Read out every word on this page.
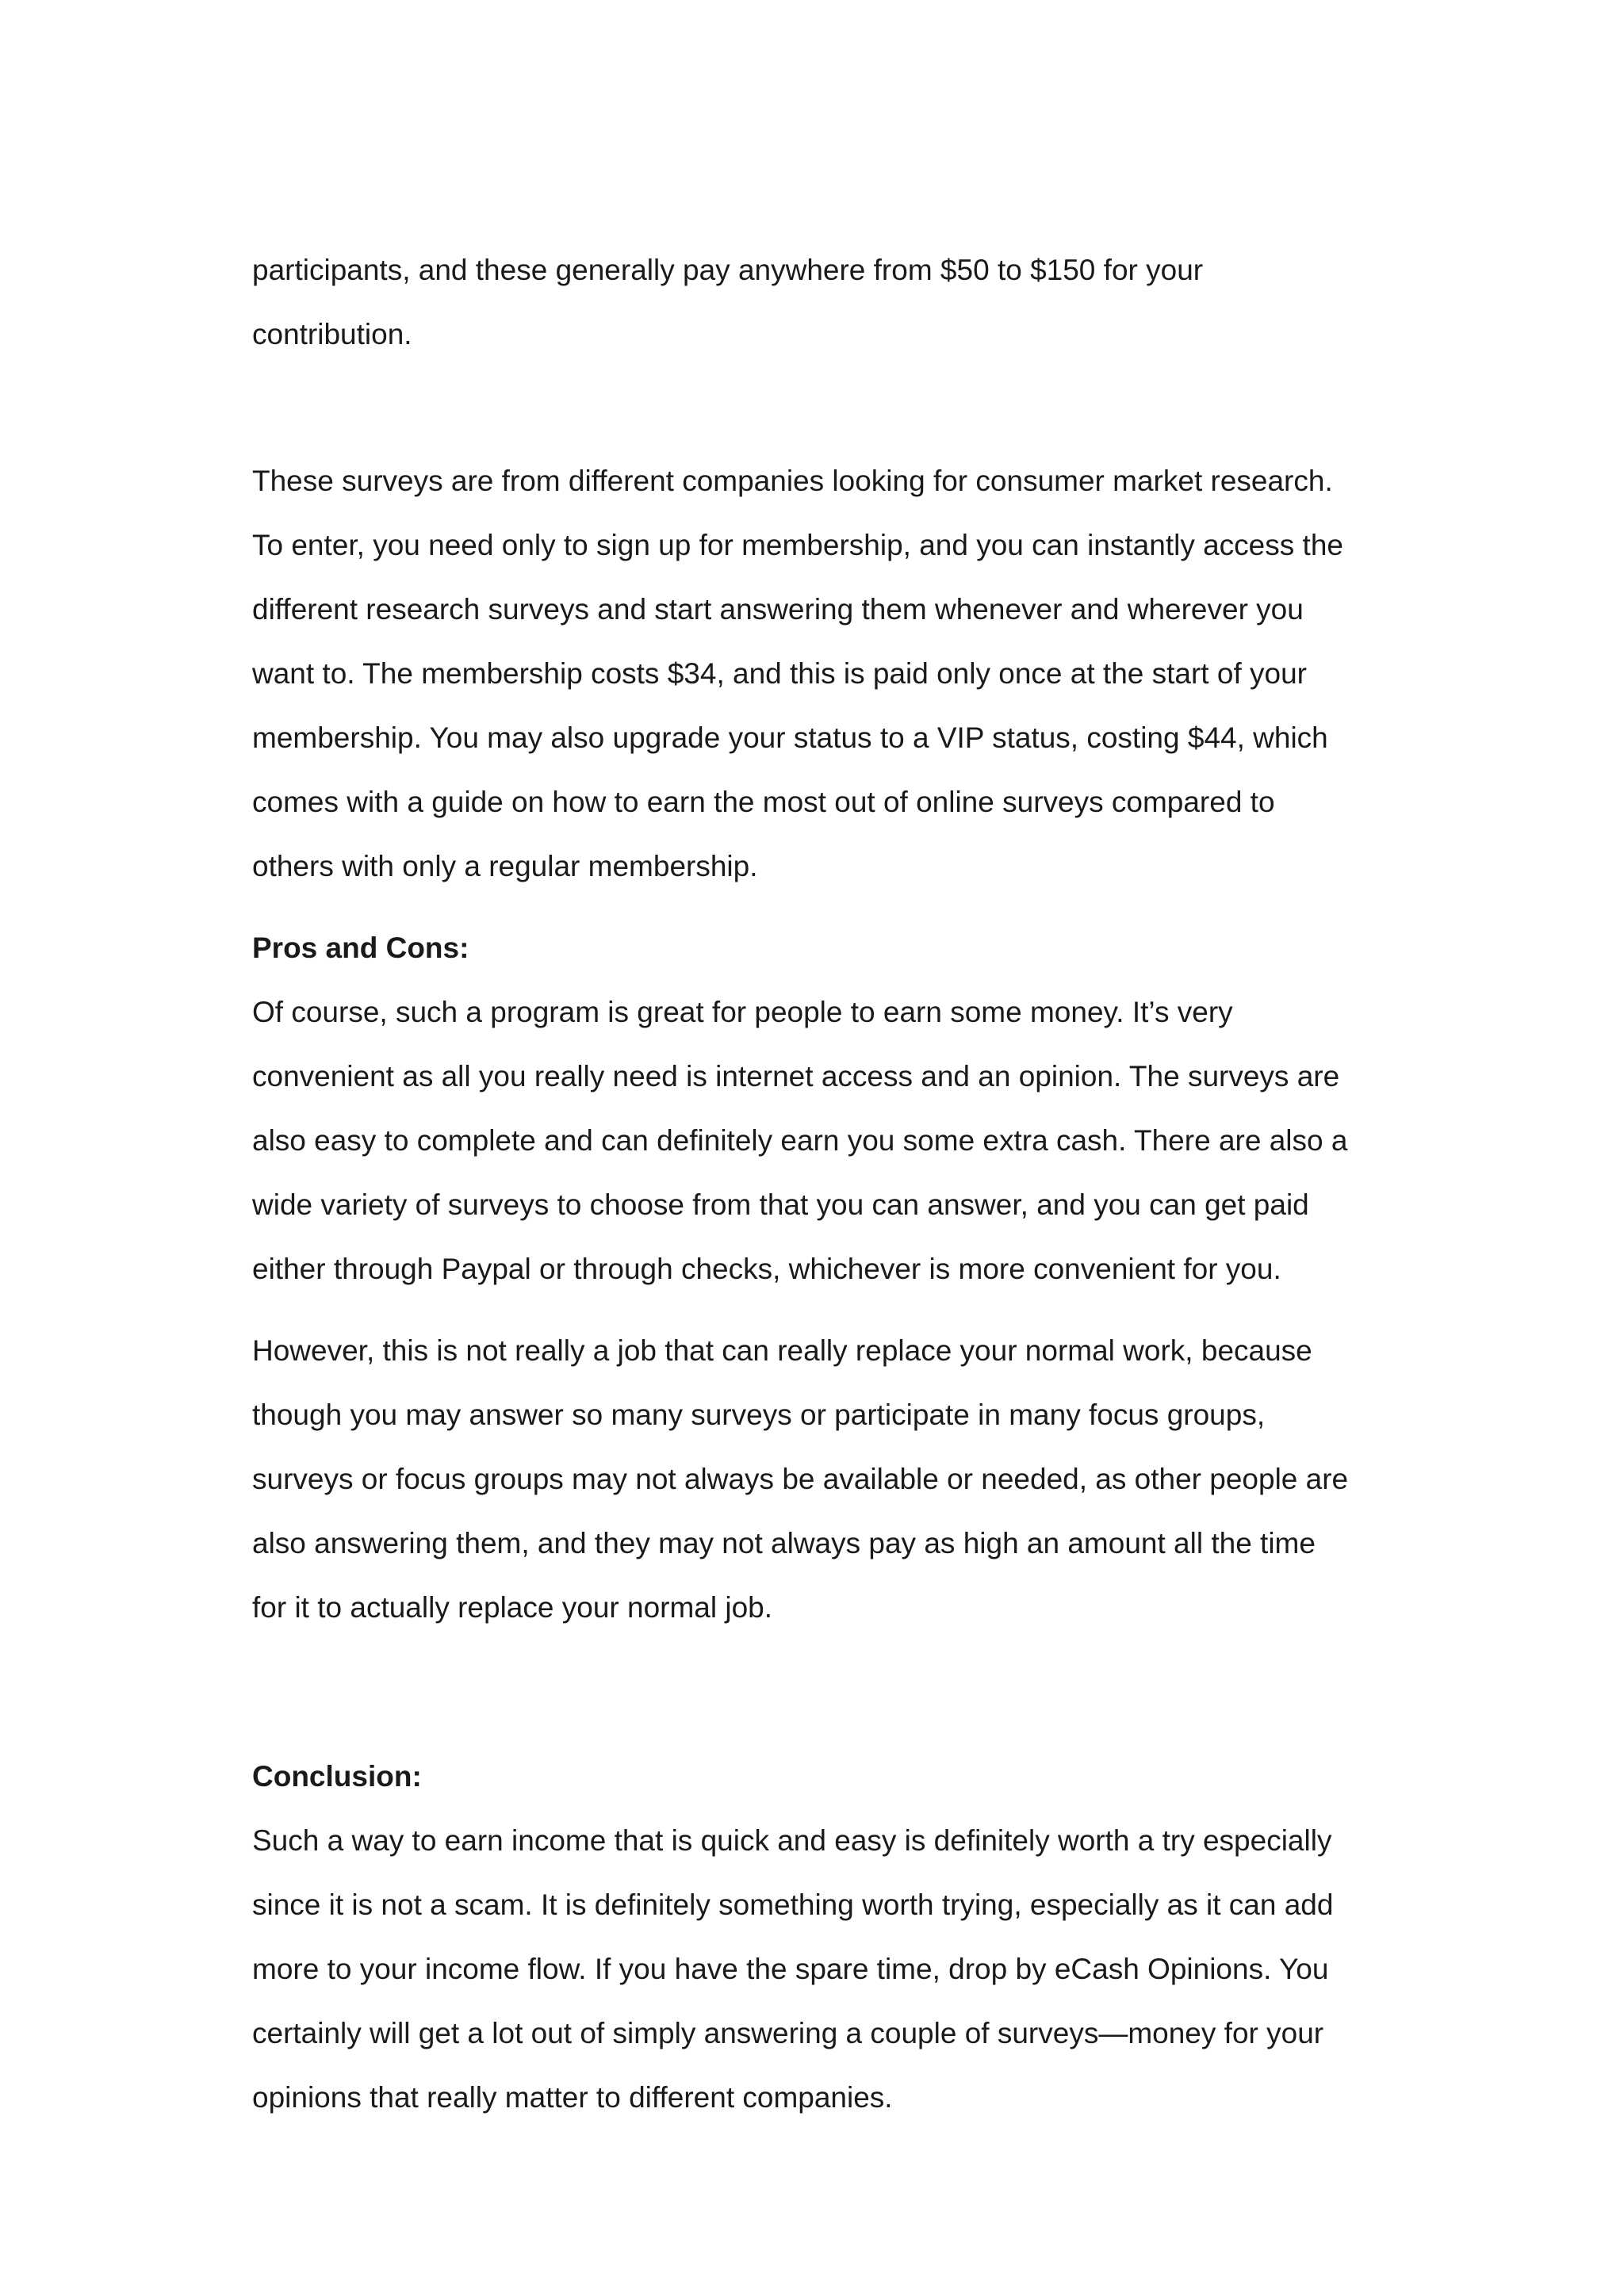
participants, and these generally pay anywhere from $50 to $150 for your

contribution.

These surveys are from different companies looking for consumer market research.

To enter, you need only to sign up for membership, and you can instantly access the

different research surveys and start answering them whenever and wherever you

want to. The membership costs $34, and this is paid only once at the start of your

membership. You may also upgrade your status to a VIP status, costing $44, which

comes with a guide on how to earn the most out of online surveys compared to

others with only a regular membership.

Pros and Cons:

Of course, such a program is great for people to earn some money. It’s very

convenient as all you really need is internet access and an opinion. The surveys are

also easy to complete and can definitely earn you some extra cash. There are also a

wide variety of surveys to choose from that you can answer, and you can get paid

either through Paypal or through checks, whichever is more convenient for you.

However, this is not really a job that can really replace your normal work, because

though you may answer so many surveys or participate in many focus groups,

surveys or focus groups may not always be available or needed, as other people are

also answering them, and they may not always pay as high an amount all the time

for it to actually replace your normal job.

Conclusion:

Such a way to earn income that is quick and easy is definitely worth a try especially

since it is not a scam. It is definitely something worth trying, especially as it can add

more to your income flow. If you have the spare time, drop by eCash Opinions. You

certainly will get a lot out of simply answering a couple of surveys—money for your

opinions that really matter to different companies.
